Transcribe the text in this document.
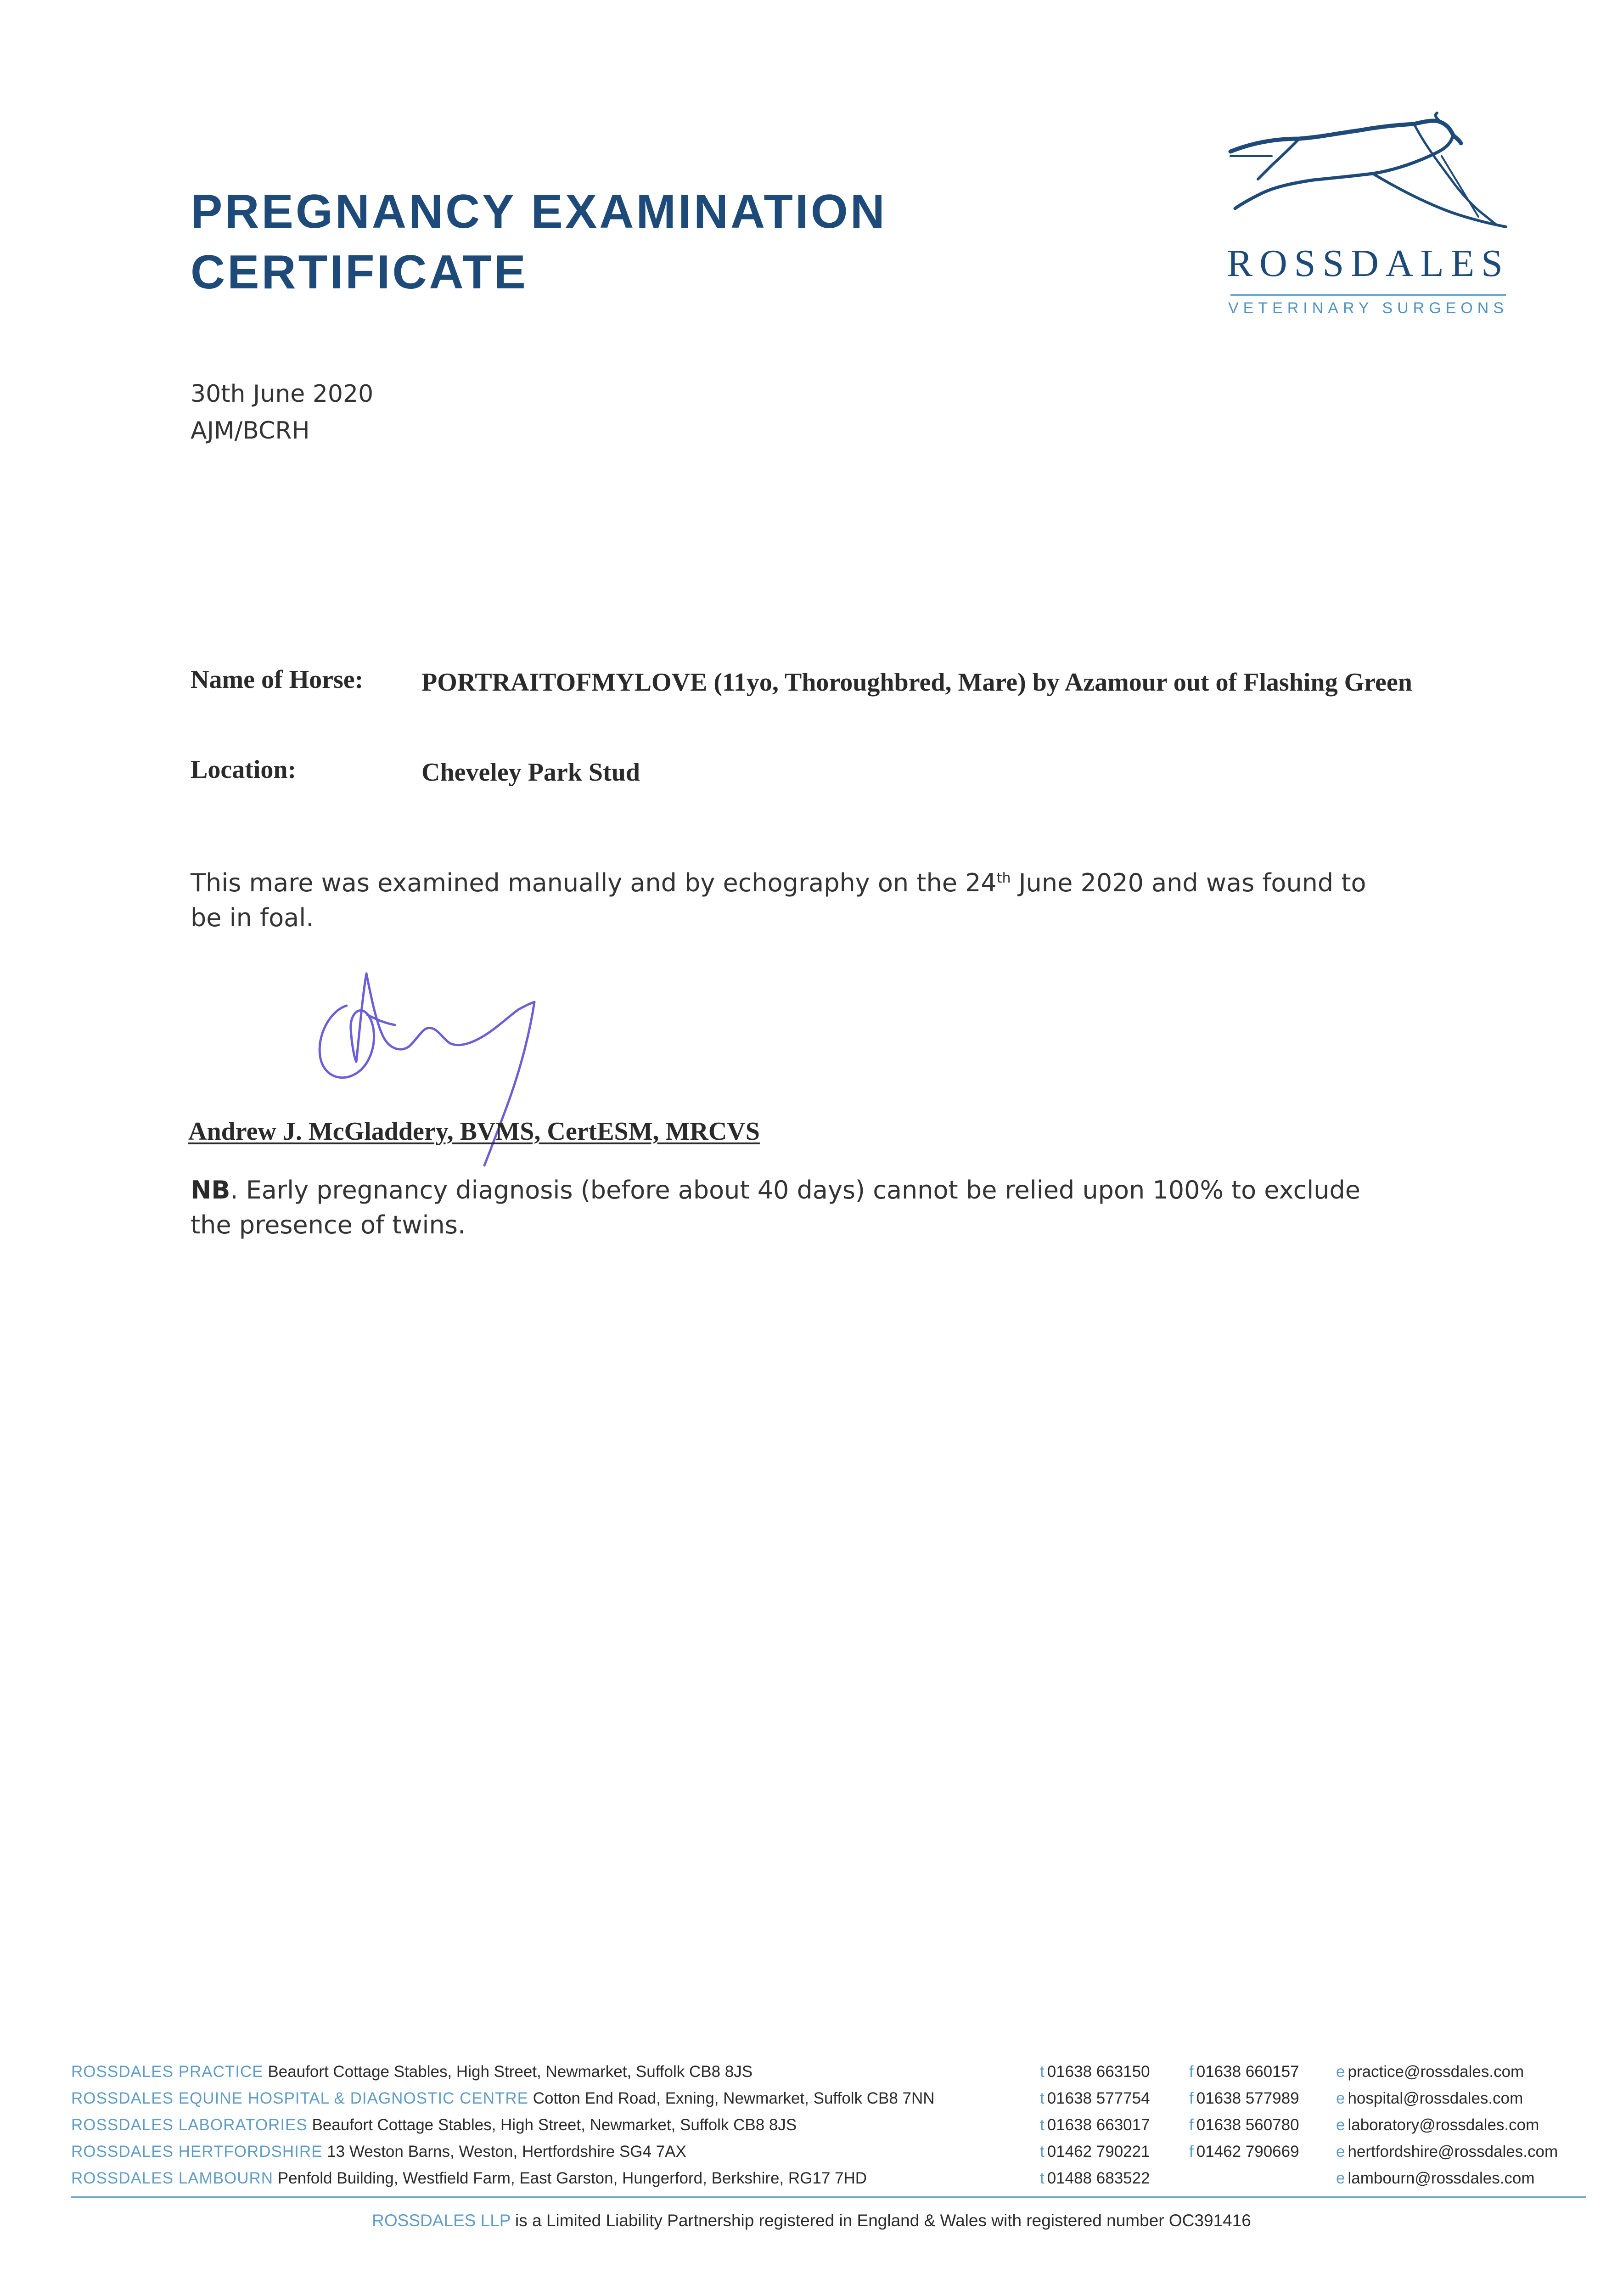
PREGNANCY EXAMINATION
CERTIFICATE	ROSSDALES
VETERINARY SURGEONS
30th June 2020
AJM/BCRH
Name of Horse: PORTRAITOFMYLOVE (11yo, Thoroughbred, Mare) by Azamour out of Flashing Green
Location:	Cheveley Park Stud
This mare was examined manually and by echography on the 24th June 2020 and was found to be in foal.
Andrew J. McGladdery, BVMS, CertESM, MRCVS
NB. Early pregnancy diagnosis (before about 40 days) cannot be relied upon 100% to exclude the presence of twins.
ROSSDALES PRACTICE Beaufort Cottage Stables, High Street, Newmarket, Suffolk CB8 8JS	t 01638 663150 f 01638 660157 e practice@rossdales.com
ROSSDALES EQUINE HOSPITAL & DIAGNOSTIC CENTRE Cotton End Road, Exning, Newmarket, Suffolk CB8 7NN	t 01638 577754 f 01638 577989 e hospital@rossdales.com
ROSSDALES LABORATORIES Beaufort Cottage Stables, High Street, Newmarket, Suffolk CB8 8JS	t 01638 663017 f 01638 560780 e laboratory@rossdales.com
ROSSDALES HERTFORDSHIRE 13 Weston Barns, Weston, Hertfordshire SG4 7AX	t 01462 790221 f 01462 790669 e hertfordshire@rossdales.com
ROSSDALES LAMBOURN Penfold Building, Westfield Farm, East Garston, Hungerford, Berkshire, RG17 7HD	t 01488 683522	e lambourn@rossdales.com
ROSSDALES LLP is a Limited Liability Partnership registered in England & Wales with registered number OC391416
